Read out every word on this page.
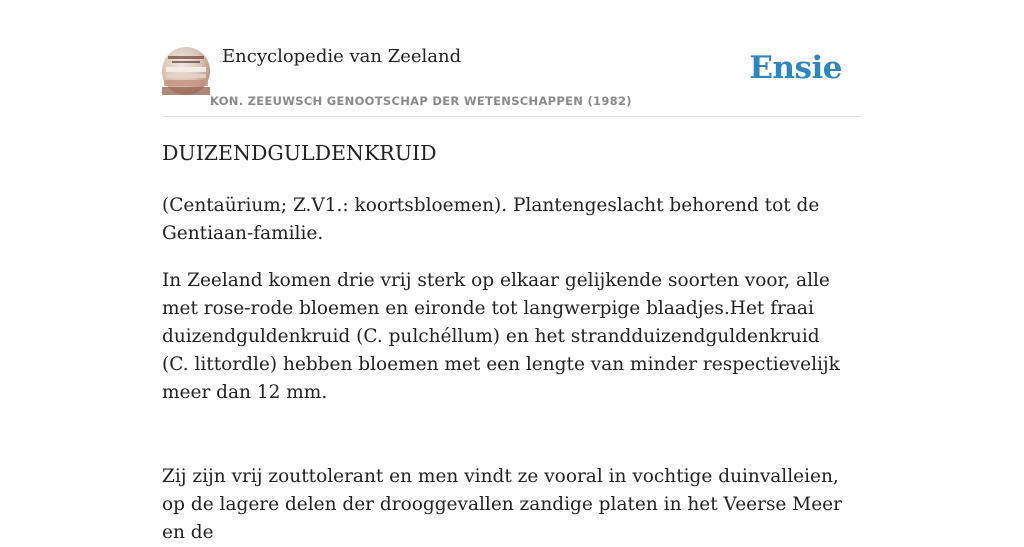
Encyclopedie van Zeeland
KON. ZEEUWSCH GENOOTSCHAP DER WETENSCHAPPEN (1982)
Ensie
DUIZENDGULDENKRUID

(Centaürium; Z.V1.: koortsbloemen). Plantengeslacht behorend tot de Gentiaan-familie.

In Zeeland komen drie vrij sterk op elkaar gelijkende soorten voor, alle met rose-rode bloemen en eironde tot langwerpige blaadjes.Het fraai duizendguldenkruid (C. pulchéllum) en het strandduizendguldenkruid (C. littordle) hebben bloemen met een lengte van minder respectievelijk meer dan 12 mm.

Zij zijn vrij zouttolerant en men vindt ze vooral in vochtige duinvalleien, op de lagere delen der drooggevallen zandige platen in het Veerse Meer en de
